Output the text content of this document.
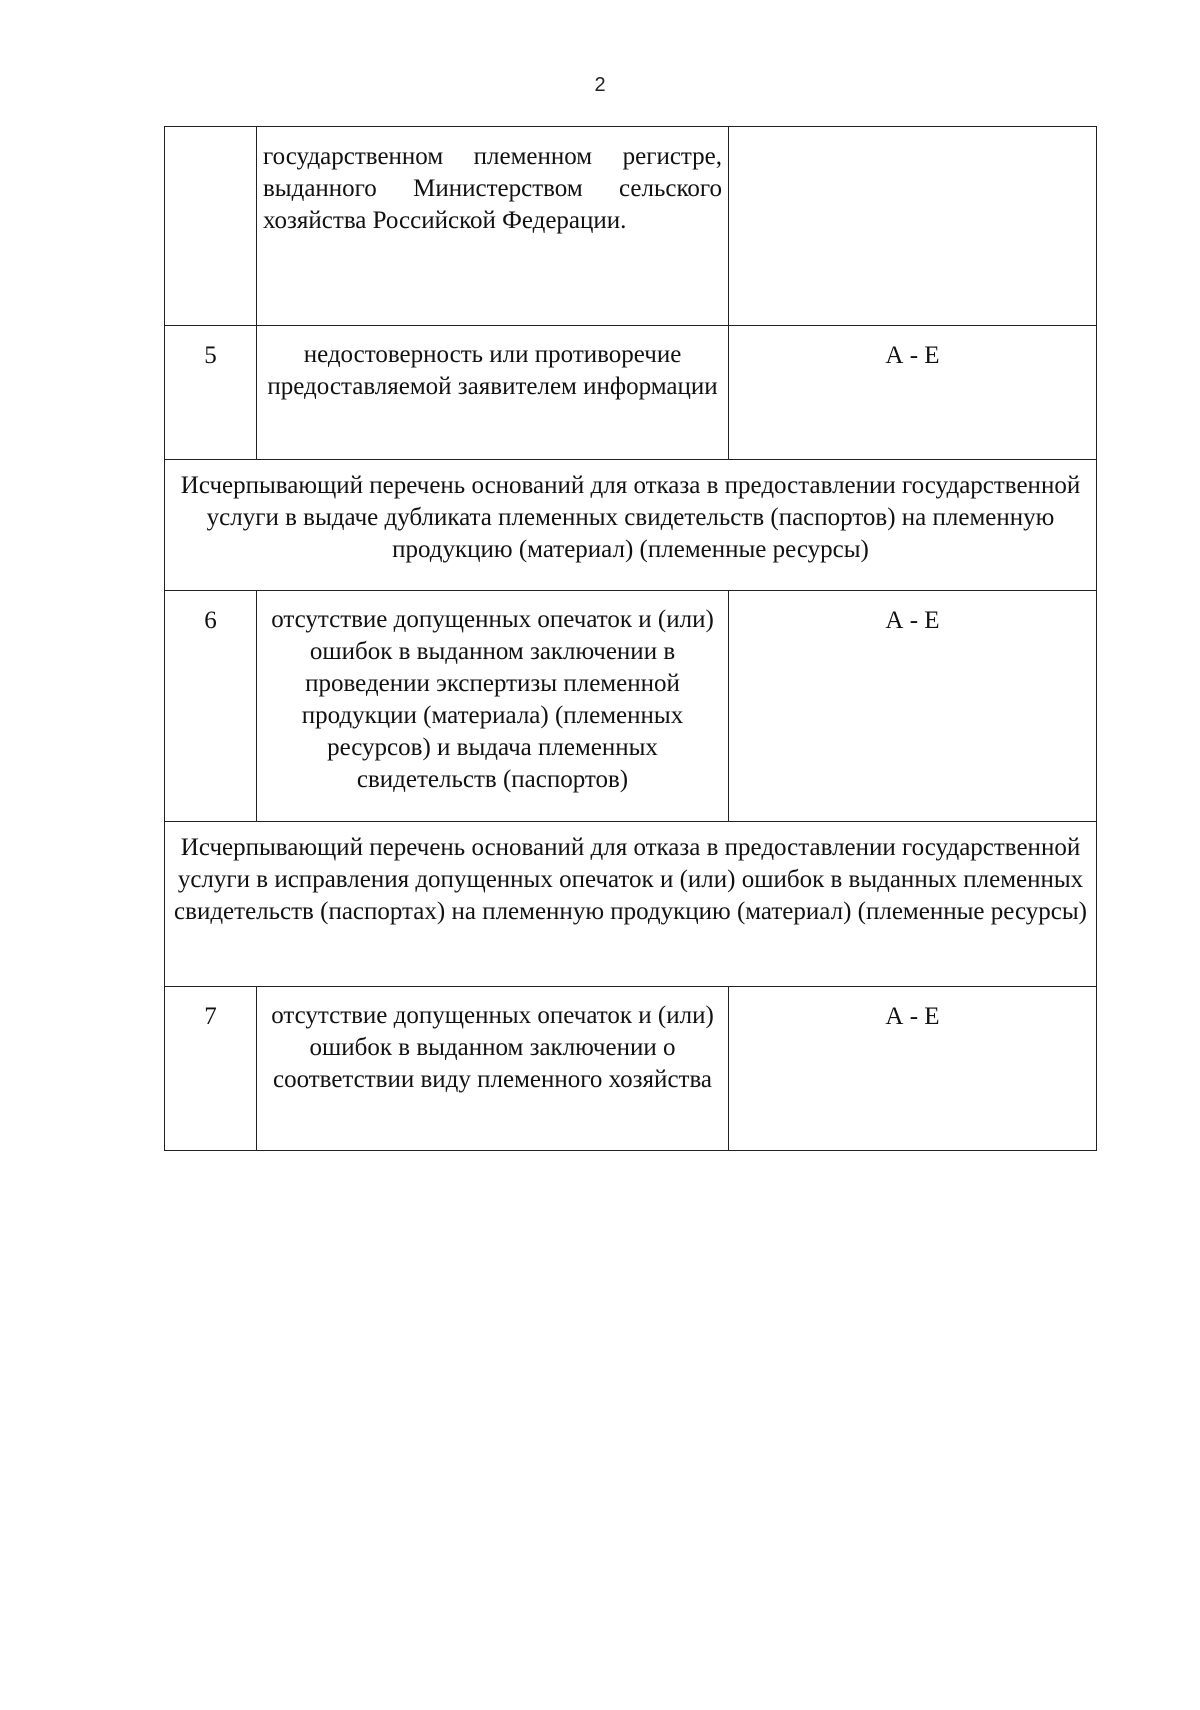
2
	государственном племенном регистре, выданного Министерством сельского хозяйства Российской Федерации.	
5	недостоверность или противоречие предоставляемой заявителем информации	А - Е
Исчерпывающий перечень оснований для отказа в предоставлении государственной услуги в выдаче дубликата племенных свидетельств (паспортов) на племенную продукцию (материал) (племенные ресурсы)		
6	отсутствие допущенных опечаток и (или) ошибок в выданном заключении в проведении экспертизы племенной продукции (материала) (племенных ресурсов) и выдача племенных свидетельств (паспортов)	А - Е
Исчерпывающий перечень оснований для отказа в предоставлении государственной услуги в исправления допущенных опечаток и (или) ошибок в выданных племенных свидетельств (паспортах) на племенную продукцию (материал) (племенные ресурсы)		
7	отсутствие допущенных опечаток и (или) ошибок в выданном заключении о соответствии виду племенного хозяйства	А - Е
